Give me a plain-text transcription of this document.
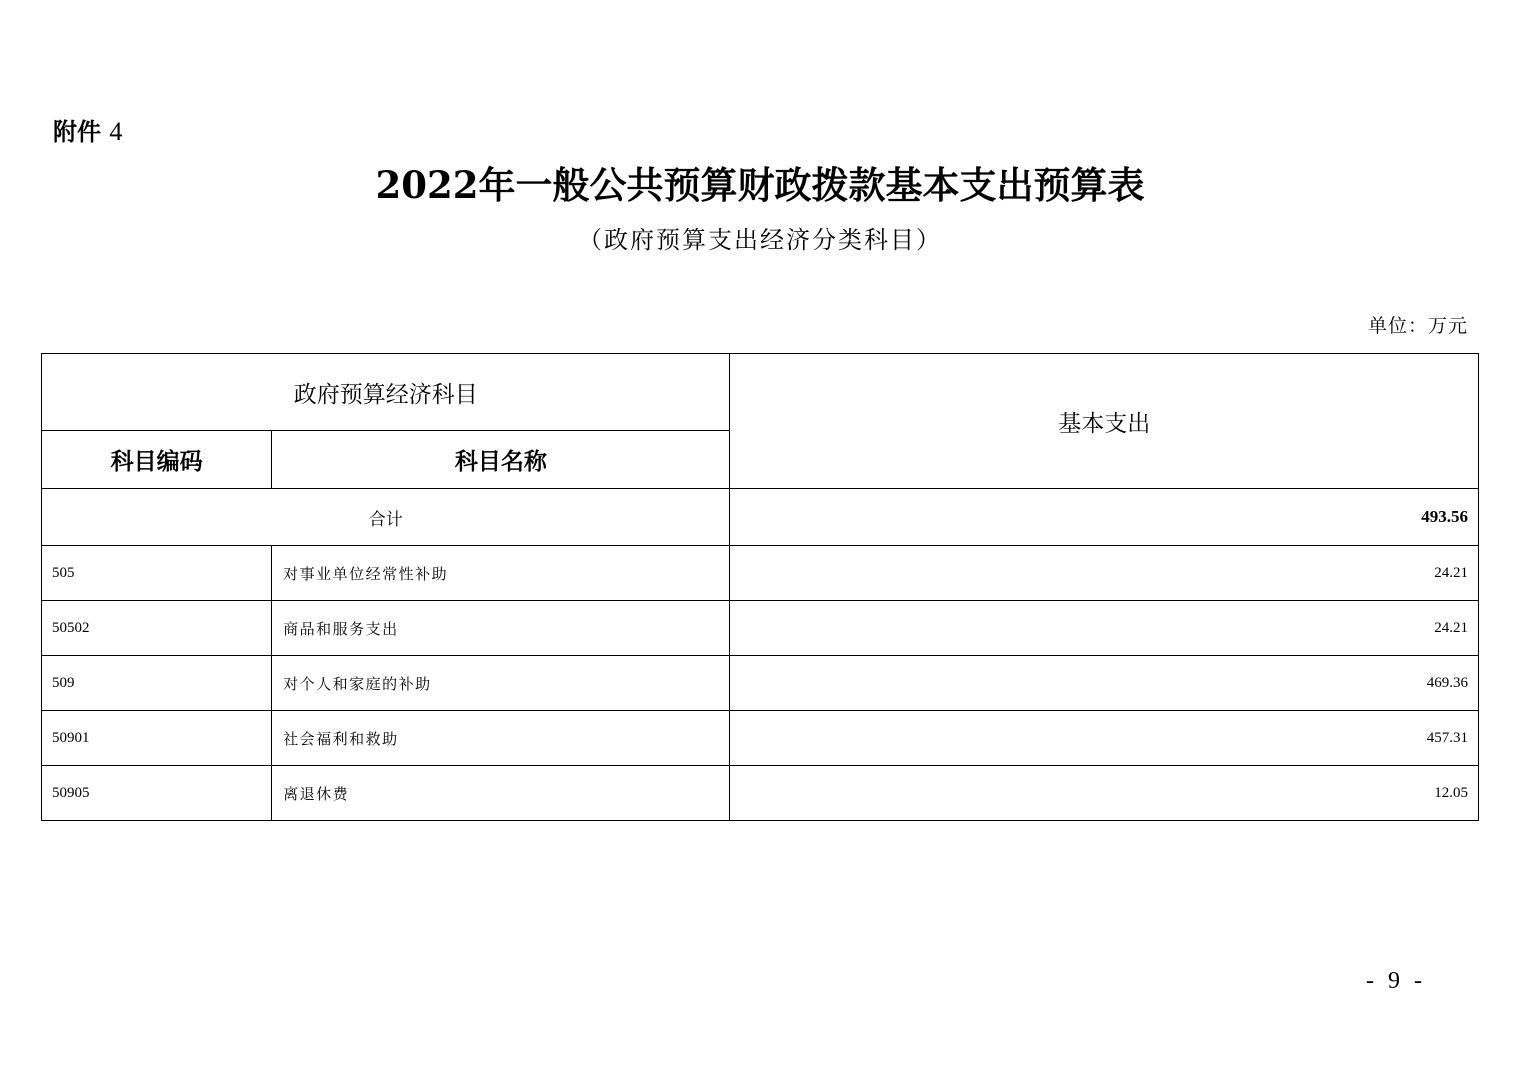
附件 4
2022年一般公共预算财政拨款基本支出预算表
（政府预算支出经济分类科目）
单位：万元
政府预算经济科目		基本支出
科目编码	科目名称	
合计		493.56
505	对事业单位经常性补助	24.21
50502	商品和服务支出	24.21
509	对个人和家庭的补助	469.36
50901	社会福利和救助	457.31
50905	离退休费	12.05
- 9 -
